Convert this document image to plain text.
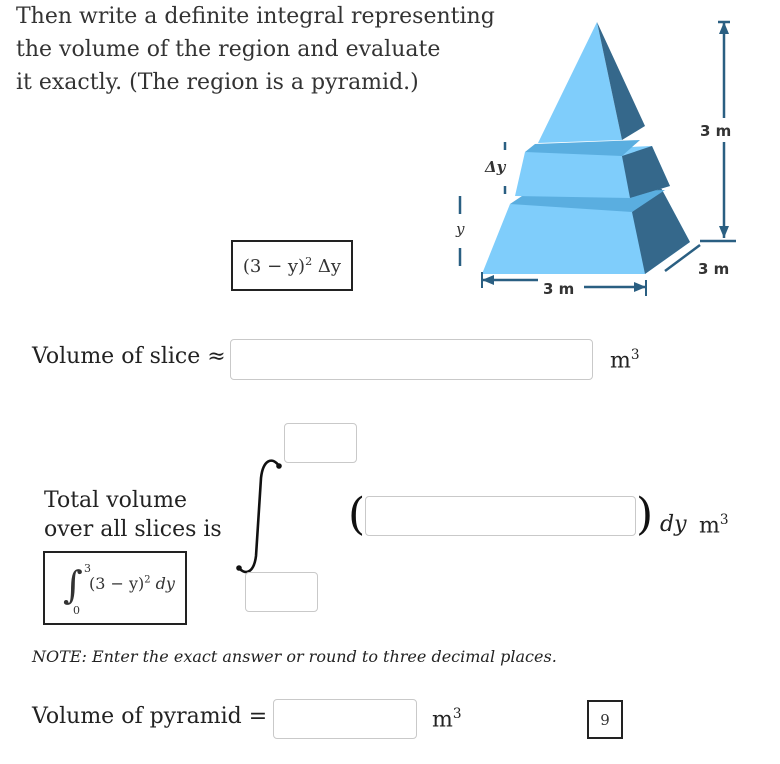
Then write a definite integral representing
the volume of the region and evaluate
it exactly. (The region is a pyramid.)
3 m
3 m
3 m
Δy
y
$(3 - y)^2$ Δy
Volume of slice ≈	$m^3$
Total volume
over all slices is	(	) dy $m^3$
∫ 3
0
$(3 - y)^2$ dy
NOTE: Enter the exact answer or round to three decimal places.
Volume of pyramid =	$m^3$	9
